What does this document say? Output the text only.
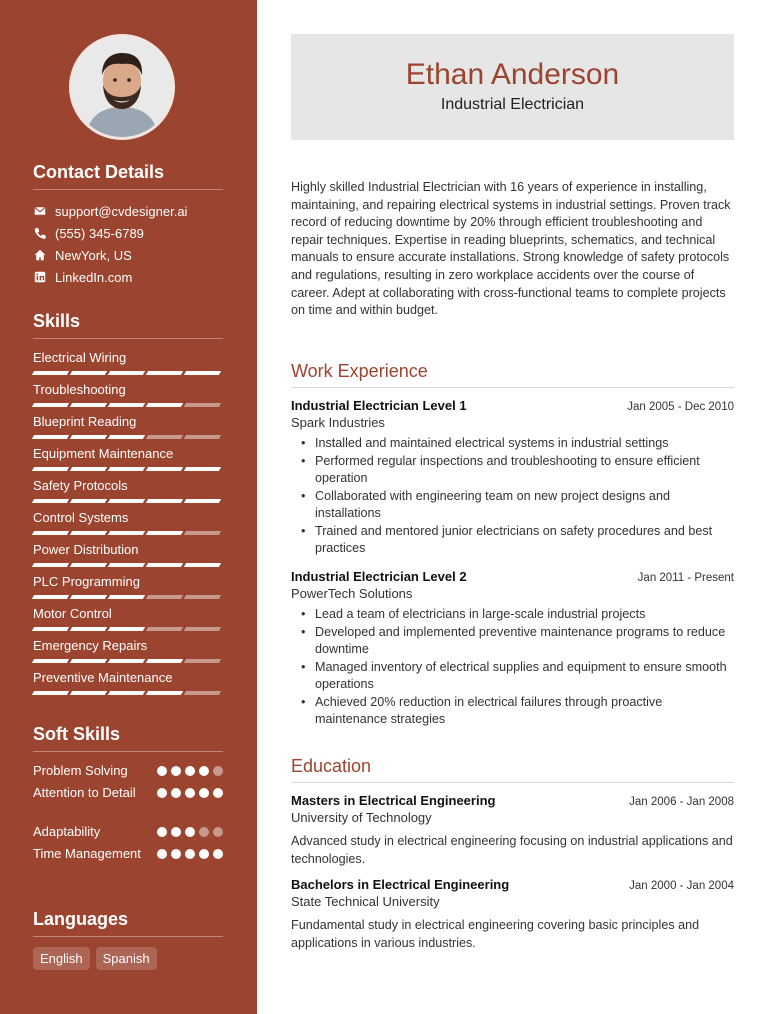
Contact Details
support@cvdesigner.ai
(555) 345-6789
NewYork, US
LinkedIn.com
Skills
Electrical Wiring
Troubleshooting
Blueprint Reading
Equipment Maintenance
Safety Protocols
Control Systems
Power Distribution
PLC Programming
Motor Control
Emergency Repairs
Preventive Maintenance
Soft Skills
Problem Solving
Attention to Detail
Adaptability
Time Management
Languages
English	Spanish
Ethan Anderson
Industrial Electrician

Highly skilled Industrial Electrician with 16 years of experience in installing, maintaining, and repairing electrical systems in industrial settings. Proven track record of reducing downtime by 20% through efficient troubleshooting and repair techniques. Expertise in reading blueprints, schematics, and technical manuals to ensure accurate installations. Strong knowledge of safety protocols and regulations, resulting in zero workplace accidents over the course of career. Adept at collaborating with cross-functional teams to complete projects on time and within budget.

Work Experience
Industrial Electrician Level 1	Jan 2005 - Dec 2010
Spark Industries
• Installed and maintained electrical systems in industrial settings
• Performed regular inspections and troubleshooting to ensure efficient operation
• Collaborated with engineering team on new project designs and installations
• Trained and mentored junior electricians on safety procedures and best practices
Industrial Electrician Level 2	Jan 2011 - Present
PowerTech Solutions
• Lead a team of electricians in large-scale industrial projects
• Developed and implemented preventive maintenance programs to reduce downtime
• Managed inventory of electrical supplies and equipment to ensure smooth operations
• Achieved 20% reduction in electrical failures through proactive maintenance strategies
Education
Masters in Electrical Engineering	Jan 2006 - Jan 2008
University of Technology

Advanced study in electrical engineering focusing on industrial applications and technologies.

Bachelors in Electrical Engineering	Jan 2000 - Jan 2004
State Technical University

Fundamental study in electrical engineering covering basic principles and applications in various industries.
